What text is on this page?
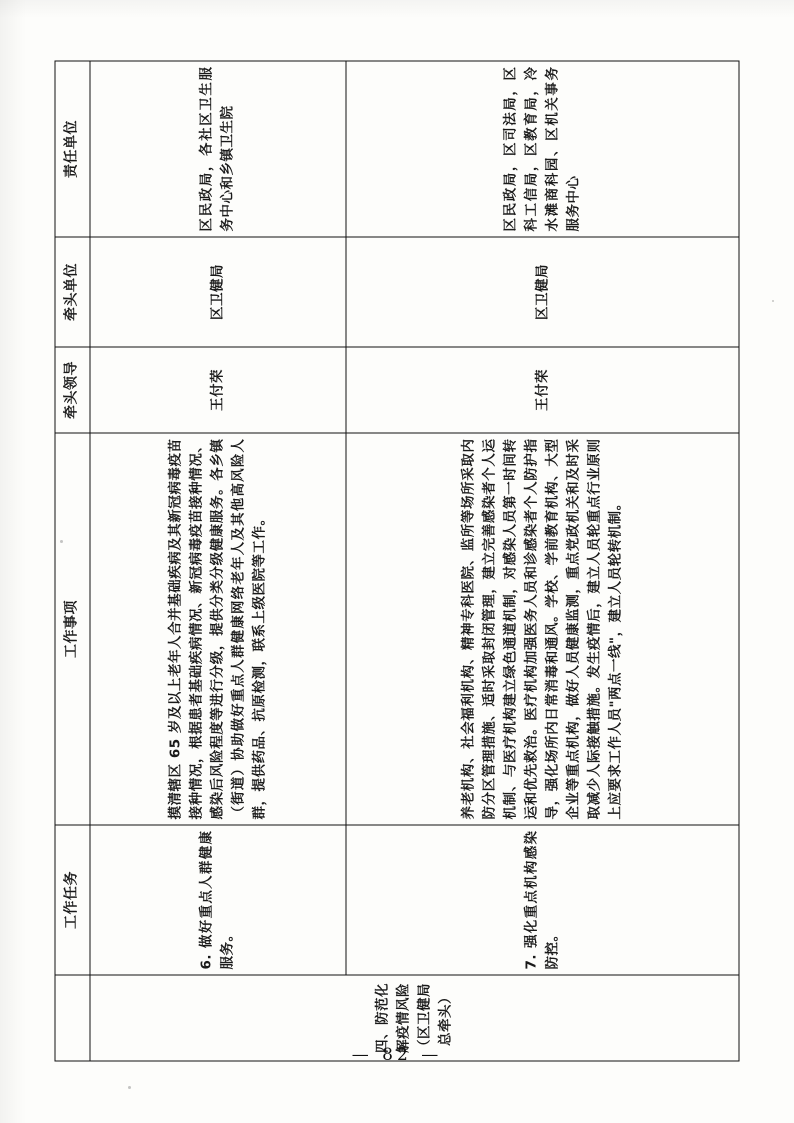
	工作任务	工作事项	牵头领导	牵头单位	责任单位
四、防范化解疫情风险（区卫健局总牵头）	6. 做好重点人群健康服务。	摸清辖区 65 岁及以上老年人合并基础疾病及其新冠病毒疫苗接种情况，根据患者基础疾病情况、新冠病毒疫苗接种情况、感染后风险程度等进行分级，提供分类分级健康服务。各乡镇（街道）协助做好重点人群健康网络老年人及其他高风险人群，提供药品、抗原检测，联系上级医院等工作。	王付荣	区卫健局	区民政局，各社区卫生服务中心和乡镇卫生院
	7. 强化重点机构感染防控。	养老机构、社会福利机构、精神专科医院、监所等场所采取内防分区管理措施、适时采取封闭管理，建立完善感染者个人运机制、与医疗机构建立绿色通道机制，对感染人员第一时间转运和优先救治。医疗机构加强医务人员和诊感染者个人防护指导，强化场所内日常消毒和通风。学校、学前教育机构、大型企业等重点机构，做好人员健康监测，重点党政机关和及时采取减少人际接触措施。发生疫情后，建立人员轮重点行业原则上应要求工作人员"两点一线"，建立人员轮转机制。	王付荣	区卫健局	区民政局，区司法局，区科工信局，区教育局，冷水滩商科园、区机关事务服务中心
— 82 —
